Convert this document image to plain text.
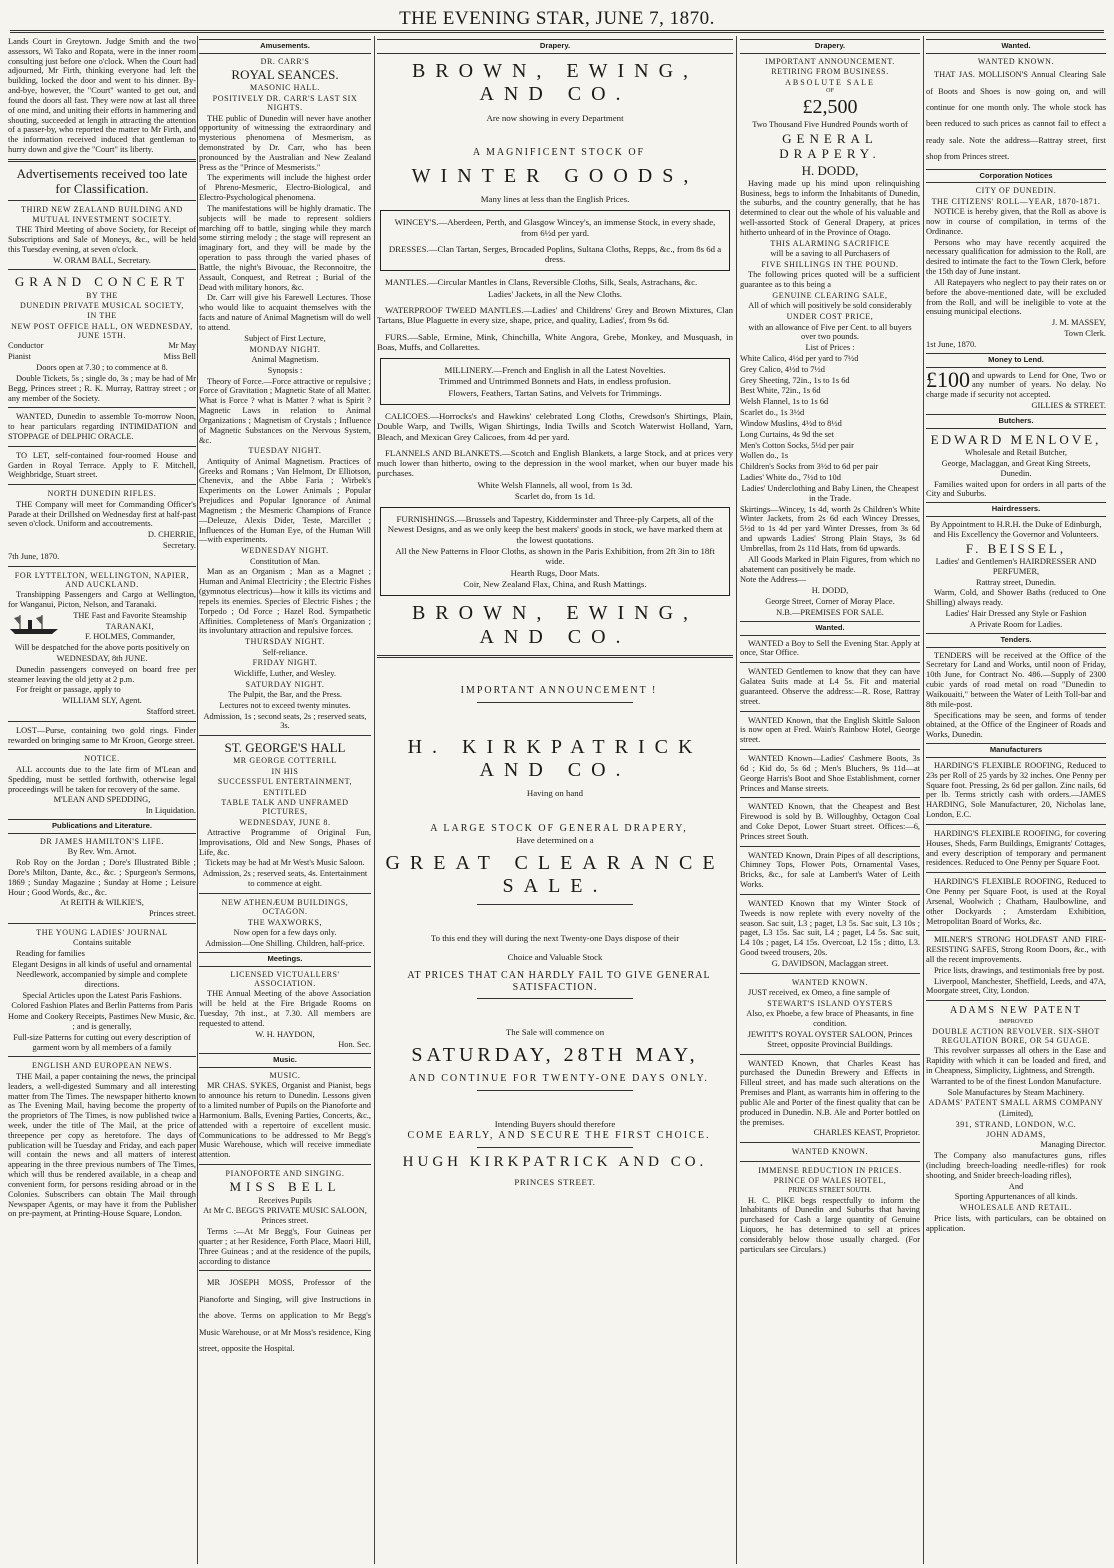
THE EVENING STAR, JUNE 7, 1870.

Lands Court in Greytown. Judge Smith and the two assessors, Wi Tako and Ropata, were in the inner room consulting just before one o'clock. When the Court had adjourned, Mr Firth, thinking everyone had left the building, locked the door and went to his dinner. By-and-bye, however, the "Court" wanted to get out, and found the doors all fast. They were now at last all three of one mind, and uniting their efforts in hammering and shouting, succeeded at length in attracting the attention of a passer-by, who reported the matter to Mr Firth, and the information received induced that gentleman to hurry down and give the "Court" its liberty.

Advertisements received too late for Classification.

THIRD NEW ZEALAND BUILDING AND MUTUAL INVESTMENT SOCIETY.

THE Third Meeting of above Society, for Receipt of Subscriptions and Sale of Moneys, &c., will be held this Tuesday evening, at seven o'clock.

W. ORAM BALL, Secretary.

GRAND CONCERT

BY THE

DUNEDIN PRIVATE MUSICAL SOCIETY,

IN THE

NEW POST OFFICE HALL, ON WEDNESDAY, JUNE 15TH.

Conductor	Mr May

Pianist	Miss Bell

Doors open at 7.30 ; to commence at 8.

Double Tickets, 5s ; single do, 3s ; may be had of Mr Begg, Princes street ; R. K. Murray, Rattray street ; or any member of the Society.

WANTED, Dunedin to assemble To-morrow Noon, to hear particulars regarding INTIMIDATION and STOPPAGE of DELPHIC ORACLE.

TO LET, self-contained four-roomed House and Garden in Royal Terrace. Apply to F. Mitchell, Weighbridge, Stuart street.

NORTH DUNEDIN RIFLES.

THE Company will meet for Commanding Officer's Parade at their Drillshed on Wednesday first at half-past seven o'clock. Uniform and accoutrements.

D. CHERRIE,

Secretary.

7th June, 1870.

FOR LYTTELTON, WELLINGTON, NAPIER, AND AUCKLAND.

Transhipping Passengers and Cargo at Wellington, for Wanganui, Picton, Nelson, and Taranaki.

THE Fast and Favorite Steamship

TARANAKI,

F. HOLMES, Commander,

Will be despatched for the above ports positively on

WEDNESDAY, 8th JUNE.

Dunedin passengers conveyed on board free per steamer leaving the old jetty at 2 p.m.

For freight or passage, apply to

WILLIAM SLY, Agent.

Stafford street.

LOST—Purse, containing two gold rings. Finder rewarded on bringing same to Mr Kroon, George street.

NOTICE.

ALL accounts due to the late firm of M'Lean and Spedding, must be settled forthwith, otherwise legal proceedings will be taken for recovery of the same.

M'LEAN AND SPEDDING,

In Liquidation.

Publications and Literature.

DR JAMES HAMILTON'S LIFE.

By Rev. Wm. Arnot.

Rob Roy on the Jordan ; Dore's Illustrated Bible ; Dore's Milton, Dante, &c., &c. ; Spurgeon's Sermons, 1869 ; Sunday Magazine ; Sunday at Home ; Leisure Hour ; Good Words, &c., &c.

At REITH & WILKIE'S,

Princes street.

THE YOUNG LADIES' JOURNAL

Contains suitable

Reading for families

Elegant Designs in all kinds of useful and ornamental Needlework, accompanied by simple and complete directions.

Special Articles upon the Latest Paris Fashions.

Colored Fashion Plates and Berlin Patterns from Paris

Home and Cookery Receipts, Pastimes New Music, &c. ; and is generally,

Full-size Patterns for cutting out every description of garment worn by all members of a family

ENGLISH AND EUROPEAN NEWS.

THE Mail, a paper containing the news, the principal leaders, a well-digested Summary and all interesting matter from The Times. The newspaper hitherto known as The Evening Mail, having become the property of the proprietors of The Times, is now published twice a week, under the title of The Mail, at the price of threepence per copy as heretofore. The days of publication will be Tuesday and Friday, and each paper will contain the news and all matters of interest appearing in the three previous numbers of The Times, which will thus be rendered available, in a cheap and convenient form, for persons residing abroad or in the Colonies. Subscribers can obtain The Mail through Newspaper Agents, or may have it from the Publisher on pre-payment, at Printing-House Square, London.

Amusements.

DR. CARR'S

ROYAL SEANCES.

MASONIC HALL.

POSITIVELY DR. CARR'S LAST SIX NIGHTS.

THE public of Dunedin will never have another opportunity of witnessing the extraordinary and mysterious phenomena of Mesmerism, as demonstrated by Dr. Carr, who has been pronounced by the Australian and New Zealand Press as the "Prince of Mesmerists."

The experiments will include the highest order of Phreno-Mesmeric, Electro-Biological, and Electro-Psychological phenomena.

The manifestations will be highly dramatic. The subjects will be made to represent soldiers marching off to battle, singing while they march some stirring melody ; the stage will represent an imaginary fort, and they will be made by the operation to pass through the varied phases of Battle, the night's Bivouac, the Reconnoitre, the Assault, Conquest, and Retreat ; Burial of the Dead with military honors, &c.

Dr. Carr will give his Farewell Lectures. Those who would like to acquaint themselves with the facts and nature of Animal Magnetism will do well to attend.

Subject of First Lecture,

MONDAY NIGHT.

Animal Magnetism.

Synopsis :

Theory of Force.—Force attractive or repulsive ; Force of Gravitation ; Magnetic State of all Matter. What is Force ? what is Matter ? what is Spirit ? Magnetic Laws in relation to Animal Organizations ; Magnetism of Crystals ; Influence of Magnetic Substances on the Nervous System, &c.

TUESDAY NIGHT.

Antiquity of Animal Magnetism. Practices of Greeks and Romans ; Van Helmont, Dr Elliotson, Chenevix, and the Abbe Faria ; Wirbek's Experiments on the Lower Animals ; Popular Prejudices and Popular Ignorance of Animal Magnetism ; the Mesmeric Champions of France—Deleuze, Alexis Dider, Teste, Marcillet ; Influences of the Human Eye, of the Human Will—with experiments.

WEDNESDAY NIGHT.

Constitution of Man.

Man as an Organism ; Man as a Magnet ; Human and Animal Electricity ; the Electric Fishes (gymnotus electricus)—how it kills its victims and repels its enemies. Species of Electric Fishes ; the Torpedo ; Od Force ; Hazel Rod. Sympathetic Affinities. Completeness of Man's Organization ; its involuntary attraction and repulsive forces.

THURSDAY NIGHT.

Self-reliance.

FRIDAY NIGHT.

Wickliffe, Luther, and Wesley.

SATURDAY NIGHT.

The Pulpit, the Bar, and the Press.

Lectures not to exceed twenty minutes.

Admission, 1s ; second seats, 2s ; reserved seats, 3s.

ST. GEORGE'S HALL

MR GEORGE COTTERILL

IN HIS

SUCCESSFUL ENTERTAINMENT,

ENTITLED

TABLE TALK AND UNFRAMED PICTURES,

WEDNESDAY, JUNE 8.

Attractive Programme of Original Fun, Improvisations, Old and New Songs, Phases of Life, &c.

Tickets may be had at Mr West's Music Saloon.

Admission, 2s ; reserved seats, 4s. Entertainment to commence at eight.

NEW ATHENÆUM BUILDINGS, OCTAGON.

THE WAXWORKS,

Now open for a few days only.

Admission—One Shilling. Children, half-price.

Meetings.

LICENSED VICTUALLERS' ASSOCIATION.

THE Annual Meeting of the above Association will be held at the Fire Brigade Rooms on Tuesday, 7th inst., at 7.30. All members are requested to attend.

W. H. HAYDON,

Hon. Sec.

Music.

MUSIC.

MR CHAS. SYKES, Organist and Pianist, begs to announce his return to Dunedin. Lessons given to a limited number of Pupils on the Pianoforte and Harmonium. Balls, Evening Parties, Concerts, &c., attended with a repertoire of excellent music. Communications to be addressed to Mr Begg's Music Warehouse, which will receive immediate attention.

PIANOFORTE AND SINGING.

MISS BELL

Receives Pupils

At Mr C. BEGG'S PRIVATE MUSIC SALOON, Princes street.

Terms :—At Mr Begg's, Four Guineas per quarter ; at her Residence, Forth Place, Maori Hill, Three Guineas ; and at the residence of the pupils, according to distance

MR JOSEPH MOSS, Professor of the Pianoforte and Singing, will give Instructions in the above. Terms on application to Mr Begg's Music Warehouse, or at Mr Moss's residence, King street, opposite the Hospital.

Drapery.
BROWN, EWING, AND CO.

Are now showing in every Department

A MAGNIFICENT STOCK OF

WINTER GOODS,

Many lines at less than the English Prices.

WINCEY'S.—Aberdeen, Perth, and Glasgow Wincey's, an immense Stock, in every shade, from 6½d per yard.

DRESSES.—Clan Tartan, Serges, Brocaded Poplins, Sultana Cloths, Repps, &c., from 8s 6d a dress.

MANTLES.—Circular Mantles in Clans, Reversible Cloths, Silk, Seals, Astrachans, &c.

Ladies' Jackets, in all the New Cloths.

WATERPROOF TWEED MANTLES.—Ladies' and Childrens' Grey and Brown Mixtures, Clan Tartans, Blue Plaguette in every size, shape, price, and quality, Ladies', from 9s 6d.

FURS.—Sable, Ermine, Mink, Chinchilla, White Angora, Grebe, Monkey, and Musquash, in Boas, Muffs, and Collarettes.

MILLINERY.—French and English in all the Latest Novelties.

Trimmed and Untrimmed Bonnets and Hats, in endless profusion.

Flowers, Feathers, Tartan Satins, and Velvets for Trimmings.

CALICOES.—Horrocks's and Hawkins' celebrated Long Cloths, Crewdson's Shirtings, Plain, Double Warp, and Twills, Wigan Shirtings, India Twills and Scotch Waterwist Holland, Yarn, Bleach, and Mexican Grey Calicoes, from 4d per yard.

FLANNELS AND BLANKETS.—Scotch and English Blankets, a large Stock, and at prices very much lower than hitherto, owing to the depression in the wool market, when our buyer made his purchases.

White Welsh Flannels, all wool, from 1s 3d.

Scarlet do, from 1s 1d.

FURNISHINGS.—Brussels and Tapestry, Kidderminster and Three-ply Carpets, all of the Newest Designs, and as we only keep the best makers' goods in stock, we have marked them at the lowest quotations.

All the New Patterns in Floor Cloths, as shown in the Paris Exhibition, from 2ft 3in to 18ft wide.

Hearth Rugs, Door Mats.

Coir, New Zealand Flax, China, and Rush Mattings.

BROWN, EWING, AND CO.

IMPORTANT ANNOUNCEMENT !

H. KIRKPATRICK AND CO.

Having on hand

A LARGE STOCK OF GENERAL DRAPERY,

Have determined on a

GREAT CLEARANCE SALE.

To this end they will during the next Twenty-one Days dispose of their

Choice and Valuable Stock

AT PRICES THAT CAN HARDLY FAIL TO GIVE GENERAL SATISFACTION.

The Sale will commence on

SATURDAY, 28TH MAY,

AND CONTINUE FOR TWENTY-ONE DAYS ONLY.

Intending Buyers should therefore

COME EARLY, AND SECURE THE FIRST CHOICE.

HUGH KIRKPATRICK AND CO.

PRINCES STREET.

Drapery.

IMPORTANT ANNOUNCEMENT.

RETIRING FROM BUSINESS.

ABSOLUTE SALE

OF

£2,500

Two Thousand Five Hundred Pounds worth of

GENERAL DRAPERY.

H. DODD,

Having made up his mind upon relinquishing Business, begs to inform the Inhabitants of Dunedin, the suburbs, and the country generally, that he has determined to clear out the whole of his valuable and well-assorted Stock of General Drapery, at prices hitherto unheard of in the Province of Otago.

THIS ALARMING SACRIFICE

will be a saving to all Purchasers of

FIVE SHILLINGS IN THE POUND.

The following prices quoted will be a sufficient guarantee as to this being a

GENUINE CLEARING SALE,

All of which will positively be sold considerably

UNDER COST PRICE,

with an allowance of Five per Cent. to all buyers over two pounds.

List of Prices :

White Calico, 4½d per yard to 7½d

Grey Calico, 4½d to 7½d

Grey Sheeting, 72in., 1s to 1s 6d

Best White, 72in., 1s 6d

Welsh Flannel, 1s to 1s 6d

Scarlet do., 1s 3½d

Window Muslins, 4½d to 8½d

Long Curtains, 4s 9d the set

Men's Cotton Socks, 5½d per pair

Wollen do., 1s

Children's Socks from 3½d to 6d per pair

Ladies' White do., 7½d to 10d

Ladies' Underclothing and Baby Linen, the Cheapest in the Trade.

Skirtings—Wincey, 1s 4d, worth 2s Children's White Winter Jackets, from 2s 6d each Wincey Dresses, 5½d to 1s 4d per yard Winter Dresses, from 3s 6d and upwards Ladies' Strong Plain Stays, 3s 6d Umbrellas, from 2s 11d Hats, from 6d upwards.

All Goods Marked in Plain Figures, from which no abatement can positively be made.

Note the Address—

H. DODD,

George Street, Corner of Moray Place.

N.B.—PREMISES FOR SALE.

Wanted.

WANTED a Boy to Sell the Evening Star. Apply at once, Star Office.

WANTED Gentlemen to know that they can have Galatea Suits made at L4 5s. Fit and material guaranteed. Observe the address:—R. Rose, Rattray street.

WANTED Known, that the English Skittle Saloon is now open at Fred. Wain's Rainbow Hotel, George street.

WANTED Known—Ladies' Cashmere Boots, 3s 6d ; Kid do, 5s 6d ; Men's Bluchers, 9s 11d—at George Harris's Boot and Shoe Establishment, corner Princes and Manse streets.

WANTED Known, that the Cheapest and Best Firewood is sold by B. Willoughby, Octagon Coal and Coke Depot, Lower Stuart street. Offices:—6, Princes street South.

WANTED Known, Drain Pipes of all descriptions, Chimney Tops, Flower Pots, Ornamental Vases, Bricks, &c., for sale at Lambert's Water of Leith Works.

WANTED Known that my Winter Stock of Tweeds is now replete with every novelty of the season. Sac suit, L3 ; paget, L3 5s. Sac suit, L3 10s ; paget, L3 15s. Sac suit, L4 ; paget, L4 5s. Sac suit, L4 10s ; paget, L4 15s. Overcoat, L2 15s ; ditto, L3. Good tweed trousers, 20s.

G. DAVIDSON, Maclaggan street.

WANTED KNOWN.

JUST received, ex Omeo, a fine sample of

STEWART'S ISLAND OYSTERS

Also, ex Phoebe, a few brace of Pheasants, in fine condition.

JEWITT'S ROYAL OYSTER SALOON, Princes Street, opposite Provincial Buildings.

WANTED Known, that Charles Keast has purchased the Dunedin Brewery and Effects in Filleul street, and has made such alterations on the Premises and Plant, as warrants him in offering to the public Ale and Porter of the finest quality that can be produced in Dunedin. N.B. Ale and Porter bottled on the premises.

CHARLES KEAST, Proprietor.

WANTED KNOWN.

IMMENSE REDUCTION IN PRICES.

PRINCE OF WALES HOTEL,

PRINCES STREET SOUTH.

H. C. PIKE begs respectfully to inform the Inhabitants of Dunedin and Suburbs that having purchased for Cash a large quantity of Genuine Liquors, he has determined to sell at prices considerably below those usually charged. (For particulars see Circulars.)

Wanted.

WANTED KNOWN.

THAT JAS. MOLLISON'S Annual Clearing Sale of Boots and Shoes is now going on, and will continue for one month only. The whole stock has been reduced to such prices as cannot fail to effect a ready sale. Note the address—Rattray street, first shop from Princes street.

Corporation Notices

CITY OF DUNEDIN.

THE CITIZENS' ROLL—YEAR, 1870-1871.

NOTICE is hereby given, that the Roll as above is now in course of compilation, in terms of the Ordinance.

Persons who may have recently acquired the necessary qualification for admission to the Roll, are desired to intimate the fact to the Town Clerk, before the 15th day of June instant.

All Ratepayers who neglect to pay their rates on or before the above-mentioned date, will be excluded from the Roll, and will be ineligible to vote at the ensuing municipal elections.

J. M. MASSEY,

Town Clerk.

1st June, 1870.

Money to Lend.

£100 and upwards to Lend for One, Two or any number of years. No delay. No charge made if security not accepted.

GILLIES & STREET.

Butchers.

EDWARD MENLOVE,

Wholesale and Retail Butcher,

George, Maclaggan, and Great King Streets, Dunedin.

Families waited upon for orders in all parts of the City and Suburbs.

Hairdressers.

By Appointment to H.R.H. the Duke of Edinburgh, and His Excellency the Governor and Volunteers.

F. BEISSEL,

Ladies' and Gentlemen's HAIRDRESSER AND PERFUMER,

Rattray street, Dunedin.

Warm, Cold, and Shower Baths (reduced to One Shilling) always ready.

Ladies' Hair Dressed any Style or Fashion

A Private Room for Ladies.

Tenders.

TENDERS will be received at the Office of the Secretary for Land and Works, until noon of Friday, 10th June, for Contract No. 486.—Supply of 2300 cubic yards of road metal on road "Dunedin to Waikouaiti," between the Water of Leith Toll-bar and 8th mile-post.

Specifications may be seen, and forms of tender obtained, at the Office of the Engineer of Roads and Works, Dunedin.

Manufacturers

HARDING'S FLEXIBLE ROOFING, Reduced to 23s per Roll of 25 yards by 32 inches. One Penny per Square foot. Pressing, 2s 6d per gallon. Zinc nails, 6d per lb. Terms strictly cash with orders.—JAMES HARDING, Sole Manufacturer, 20, Nicholas lane, London, E.C.

HARDING'S FLEXIBLE ROOFING, for covering Houses, Sheds, Farm Buildings, Emigrants' Cottages, and every description of temporary and permanent residences. Reduced to One Penny per Square Foot.

HARDING'S FLEXIBLE ROOFING, Reduced to One Penny per Square Foot, is used at the Royal Arsenal, Woolwich ; Chatham, Haulbowline, and other Dockyards ; Amsterdam Exhibition, Metropolitan Board of Works, &c.

MILNER'S STRONG HOLDFAST AND FIRE-RESISTING SAFES, Strong Room Doors, &c., with all the recent improvements.

Price lists, drawings, and testimonials free by post.

Liverpool, Manchester, Sheffield, Leeds, and 47A, Moorgate street, City, London.

ADAMS NEW PATENT

IMPROVED

DOUBLE ACTION REVOLVER. SIX-SHOT REGULATION BORE, OR 54 GUAGE.

This revolver surpasses all others in the Ease and Rapidity with which it can be loaded and fired, and in Cheapness, Simplicity, Lightness, and Strength.

Warranted to be of the finest London Manufacture.

Sole Manufactures by Steam Machinery.

ADAMS' PATENT SMALL ARMS COMPANY

(Limited),

391, STRAND, LONDON, W.C.

JOHN ADAMS,

Managing Director.

The Company also manufactures guns, rifles (including breech-loading needle-rifles) for rook shooting, and Snider breech-loading rifles),

And

Sporting Appurtenances of all kinds.

WHOLESALE AND RETAIL.

Price lists, with particulars, can be obtained on application.
